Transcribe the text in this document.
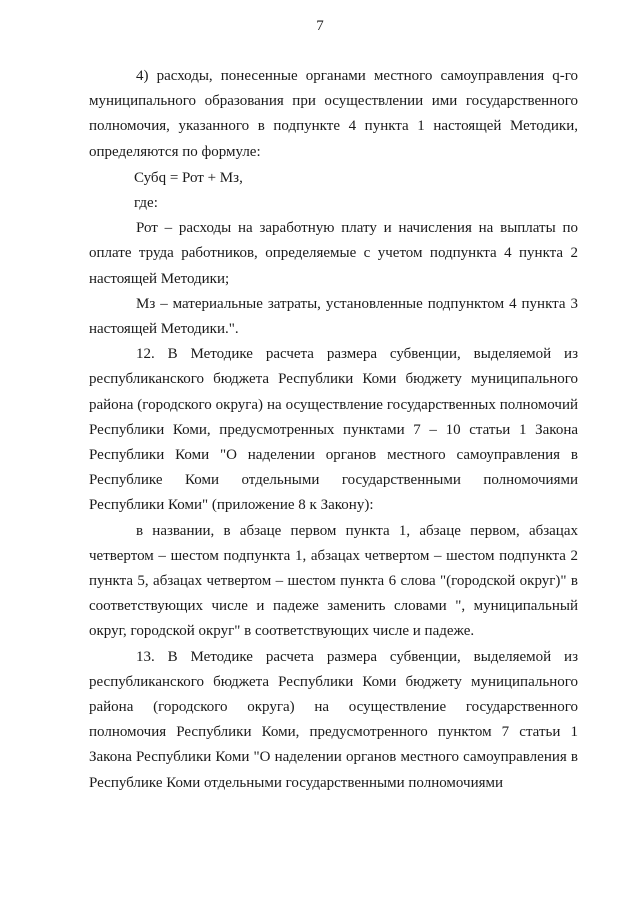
7

4) расходы, понесенные органами местного самоуправления q-го муниципального образования при осуществлении ими государственного полномочия, указанного в подпункте 4 пункта 1 настоящей Методики, определяются по формуле:

Субq = Рот + Мз,

где:

Рот – расходы на заработную плату и начисления на выплаты по оплате труда работников, определяемые с учетом подпункта 4 пункта 2 настоящей Методики;

Мз – материальные затраты, установленные подпунктом 4 пункта 3 настоящей Методики.".

12. В Методике расчета размера субвенции, выделяемой из республиканского бюджета Республики Коми бюджету муниципального района (городского округа) на осуществление государственных полномочий Республики Коми, предусмотренных пунктами 7 – 10 статьи 1 Закона Республики Коми "О наделении органов местного самоуправления в Республике Коми отдельными государственными полномочиями Республики Коми" (приложение 8 к Закону):

в названии, в абзаце первом пункта 1, абзаце первом, абзацах четвертом – шестом подпункта 1, абзацах четвертом – шестом подпункта 2 пункта 5, абзацах четвертом – шестом пункта 6 слова "(городской округ)" в соответствующих числе и падеже заменить словами ", муниципальный округ, городской округ" в соответствующих числе и падеже.

13. В Методике расчета размера субвенции, выделяемой из республиканского бюджета Республики Коми бюджету муниципального района (городского округа) на осуществление государственного полномочия Республики Коми, предусмотренного пунктом 7 статьи 1 Закона Республики Коми "О наделении органов местного самоуправления в Республике Коми отдельными государственными полномочиями
